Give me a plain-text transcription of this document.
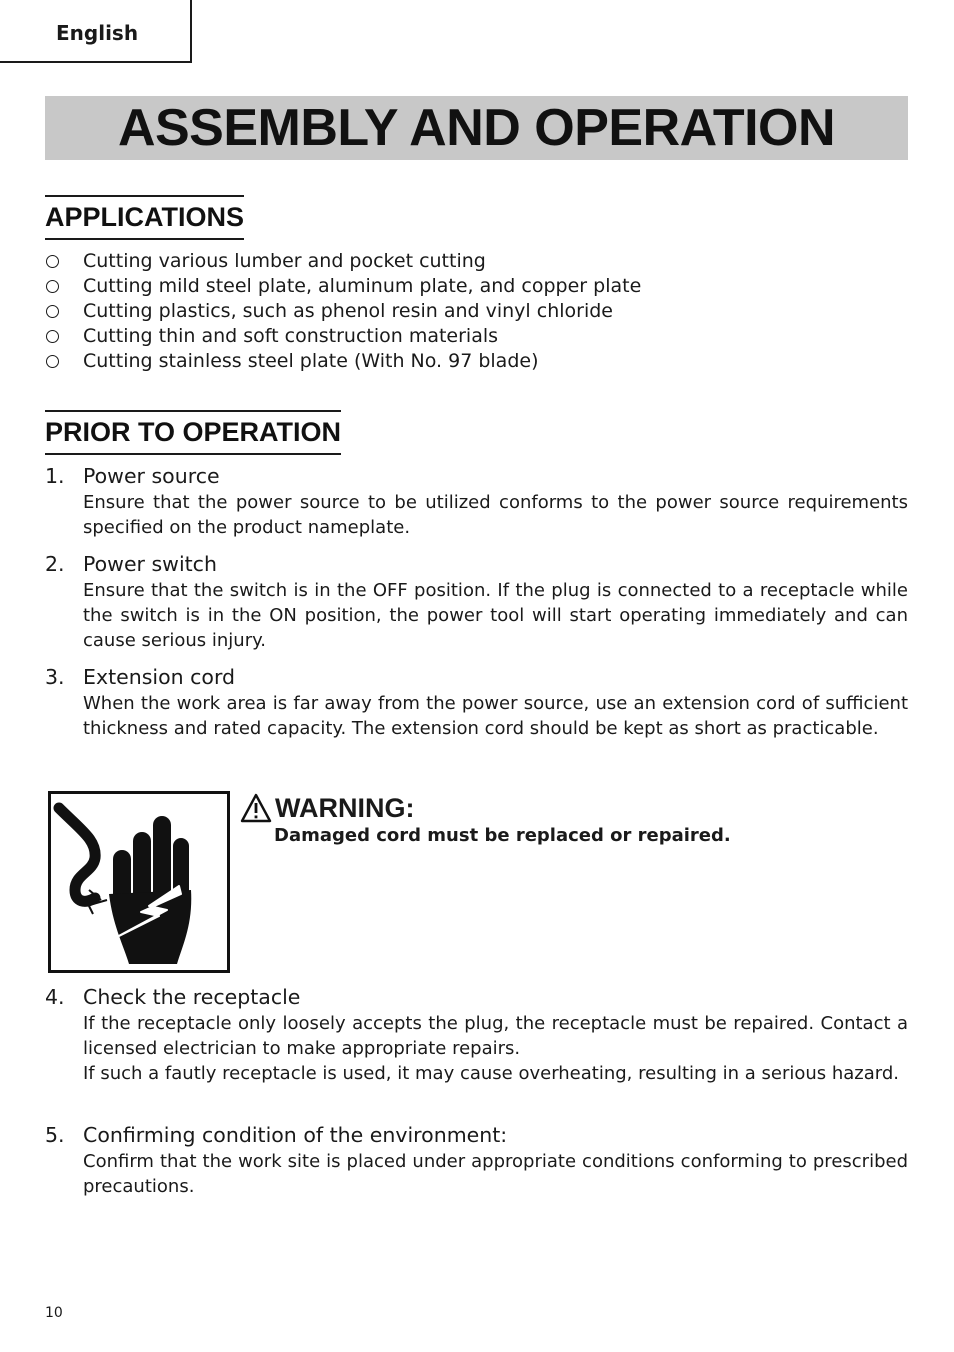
English
ASSEMBLY AND OPERATION
APPLICATIONS
Cutting various lumber and pocket cutting
Cutting mild steel plate, aluminum plate, and copper plate
Cutting plastics, such as phenol resin and vinyl chloride
Cutting thin and soft construction materials
Cutting stainless steel plate (With No. 97 blade)
PRIOR TO OPERATION
1. Power source

Ensure that the power source to be utilized conforms to the power source requirements specified on the product nameplate.

2. Power switch

Ensure that the switch is in the OFF position. If the plug is connected to a receptacle while the switch is in the ON position, the power tool will start operating immediately and can cause serious injury.

3. Extension cord

When the work area is far away from the power source, use an extension cord of sufficient thickness and rated capacity. The extension cord should be kept as short as practicable.

WARNING:
Damaged cord must be replaced or repaired.
4. Check the receptacle

If the receptacle only loosely accepts the plug, the receptacle must be repaired. Contact a licensed electrician to make appropriate repairs.

If such a fautly receptacle is used, it may cause overheating, resulting in a serious hazard.

5. Confirming condition of the environment:

Confirm that the work site is placed under appropriate conditions conforming to prescribed precautions.

10
